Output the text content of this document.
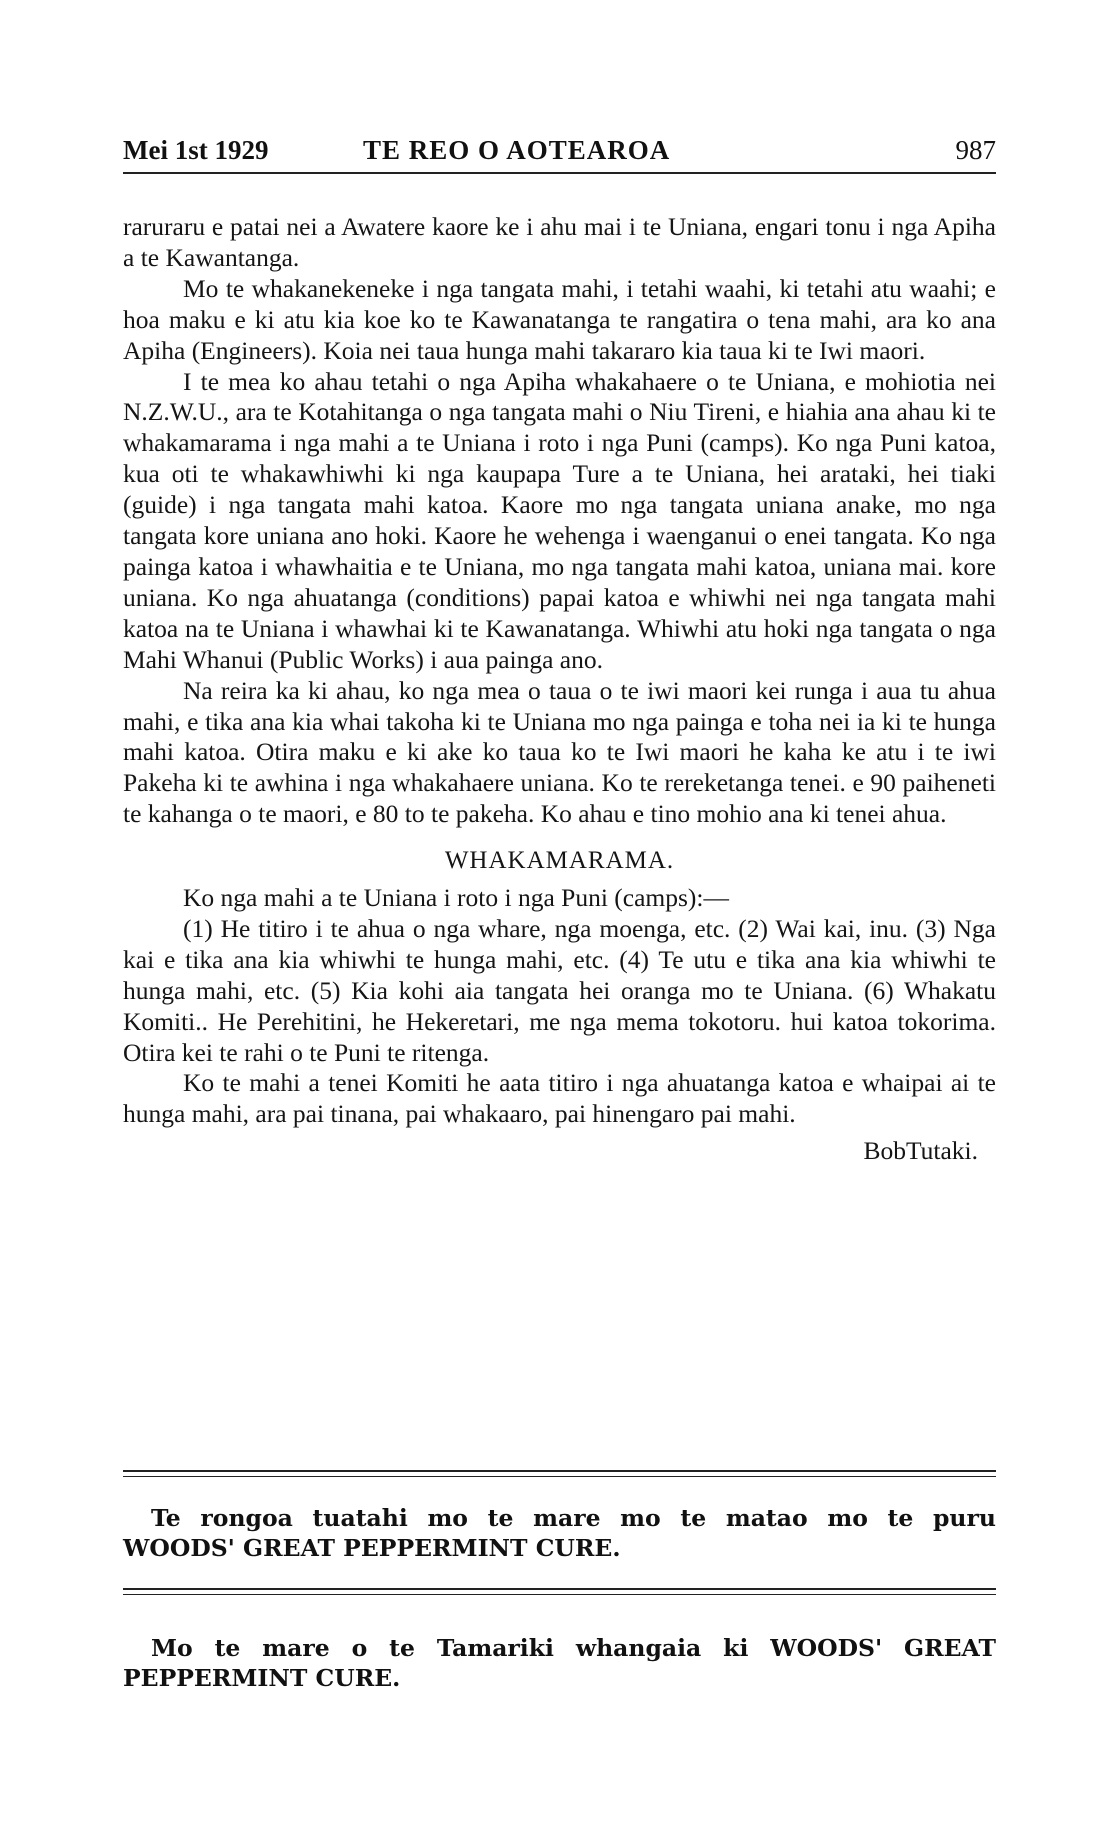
Mei 1st 1929	TE REO O AOTEAROA	987

raruraru e patai nei a Awatere kaore ke i ahu mai i te Uniana, engari tonu i nga Apiha a te Kawantanga.

Mo te whakanekeneke i nga tangata mahi, i tetahi waahi, ki tetahi atu waahi; e hoa maku e ki atu kia koe ko te Kawanatanga te rangatira o tena mahi, ara ko ana Apiha (Engineers). Koia nei taua hunga mahi takararo kia taua ki te Iwi maori.

I te mea ko ahau tetahi o nga Apiha whakahaere o te Uniana, e mohiotia nei N.Z.W.U., ara te Kotahitanga o nga tangata mahi o Niu Tireni, e hiahia ana ahau ki te whakamarama i nga mahi a te Uniana i roto i nga Puni (camps). Ko nga Puni katoa, kua oti te whakawhiwhi ki nga kaupapa Ture a te Uniana, hei arataki, hei tiaki (guide) i nga tangata mahi katoa. Kaore mo nga tangata uniana anake, mo nga tangata kore uniana ano hoki. Kaore he wehenga i waenganui o enei tangata. Ko nga painga katoa i whawhaitia e te Uniana, mo nga tangata mahi katoa, uniana mai. kore uniana. Ko nga ahuatanga (conditions) papai katoa e whiwhi nei nga tangata mahi katoa na te Uniana i whawhai ki te Kawanatanga. Whiwhi atu hoki nga tangata o nga Mahi Whanui (Public Works) i aua painga ano.

Na reira ka ki ahau, ko nga mea o taua o te iwi maori kei runga i aua tu ahua mahi, e tika ana kia whai takoha ki te Uniana mo nga painga e toha nei ia ki te hunga mahi katoa. Otira maku e ki ake ko taua ko te Iwi maori he kaha ke atu i te iwi Pakeha ki te awhina i nga whakahaere uniana. Ko te rereketanga tenei. e 90 paiheneti te kahanga o te maori, e 80 to te pakeha. Ko ahau e tino mohio ana ki tenei ahua.

WHAKAMARAMA.

Ko nga mahi a te Uniana i roto i nga Puni (camps):—

(1) He titiro i te ahua o nga whare, nga moenga, etc. (2) Wai kai, inu. (3) Nga kai e tika ana kia whiwhi te hunga mahi, etc. (4) Te utu e tika ana kia whiwhi te hunga mahi, etc. (5) Kia kohi aia tangata hei oranga mo te Uniana. (6) Whakatu Komiti.. He Perehitini, he Hekeretari, me nga mema tokotoru. hui katoa tokorima. Otira kei te rahi o te Puni te ritenga.

Ko te mahi a tenei Komiti he aata titiro i nga ahuatanga katoa e whaipai ai te hunga mahi, ara pai tinana, pai whakaaro, pai hinengaro pai mahi.

BobTutaki.

Te rongoa tuatahi mo te mare mo te matao mo te puru
WOODS' GREAT PEPPERMINT CURE.
Mo te mare o te Tamariki whangaia ki WOODS' GREAT
PEPPERMINT CURE.
